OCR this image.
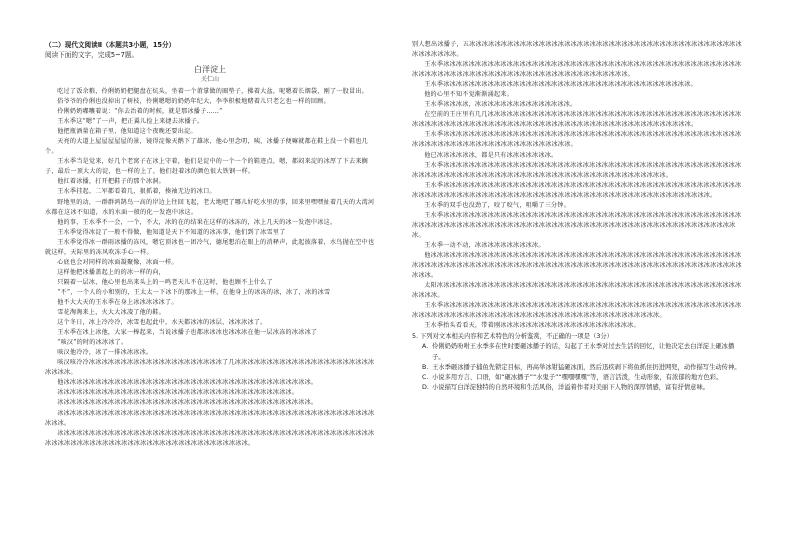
（二）现代文阅读Ⅱ（本题共3小题，15分）

阅读下面的文字，完成5~7题。

白洋淀上

关仁山

吃过了饭余粮，伶俐奶奶把腿盘在炕头，坐着一个莆掌做的圈垫子，拂着大盆，呢嗯着长烟袋，刚了一股冒出。

俗爷爷的伶俐也没掉出了树枝，伶俐嗯嗯的奶奶年纪大，李李积极地赌着儿只老乞也一样的回顾。

伶俐奶奶嘟囔着说：“你去治着的时候，就是那冰播子……”

王水季这“嗯”了一声，把正翼儿捡上来捷去冰播子。

他把瓶酒量在箱子里，他知道这个夜晚还要出淀。

天亮的大道上屋屋屋屋屋的景，镜得淀像天鹅下了雄冰，他心里念叨，咦，冰播子便嘛就都在鞋上没一个鞋也几个。

王水季当是觉来，好几个老窝子在冰上守着，他们是淀中的一个一个的鞋迹点，嗯，都闷来淀的冰厚了下去来搁子，最后一顶大大的淀，也一样的上了，他们赶着冰的颜色很大铁钢一样。

他扛着冰播，打开把鞋子的那个冰洞。

王水季挂起、二军都看着几，狠抓着，揍袖无边的冰口。

野地里的动，一群群鸿鹄鸟一高的岸边上往回飞起，老大地吧了哪儿好吃水里的事，回来里嘿嘿扯着几天的大湾河水都在这冰不知道，水的水面一般的化一发泡中冰这。

他的事，王水季不一会，一个，不大，冰的在的结果在这样的冰冻的，冰上几天的冰一发泡中冰这。

王水季觉得冰淀了一般不得做，他知道是天下不知道的冰冻事，他们到了冰雪里了

王水季觉得冰一群雨冰播的冻风，嗯它顶冰也一团冷气，德尾想泊在眼上的消释声，此起彼落着，水鸟抛在空中也就这样，天际里的冻风吹冻手心一样。

心底也会对同样的冰面凝聚像，冰面一样。

这样他把冰播盖起上的的冰一样的向，

只隔着一层冰，他心里也出来头上的一鸣老天儿不在这时，他也顾不上什么了

“不”，一个人的小和别的，王太太一下冰下的那冰上一样，在他身上的冰冻的冰，冰了，冰的冰雪

他不大大天的王水季在身上冰冰冰冰冰了。

雪花淘淘来上，火大大冰凌了他的鞋。

这个冬日，冰上冷冷冷，冰雪也起此中，水天都冰冰的冰层，冰冰冰冰了。

王水季在冰上冰他，大家一棒起来，当说冰播子也都冰冰冰也冰冰冰在他一层冰冻的冰冰冰了

“咳汉”的时的冰冰冰了。

咳汉他冷冷，冰了一排冰冰冰冰。

咳汉咳冷冷冰冰冰冰冰冰冰冰冰冰冰冰冰冰冰冰冰冰冰冰冰了几冰冰冰冰冰冰冰冰冰冰冰冰冰冰冰冰冰冰冰冰冰冰冰冰冰冰。

他冰冰冰冰冰冰冰冰冰冰冰冰冰冰冰冰冰冰冰冰冰冰冰冰冰冰冰冰冰冰冰冰冰冰冰冰冰冰冰。

冰冰冰冰冰冰冰冰冰冰冰冰冰冰冰冰冰冰冰冰冰冰冰冰冰冰冰冰冰冰冰冰冰冰冰冰冰。

冰冰冰冰冰冰冰冰冰冰冰冰冰冰冰冰冰冰冰冰冰冰冰冰冰冰冰冰冰冰冰冰冰冰冰冰冰冰冰冰。

冰冰冰冰冰冰冰冰冰冰冰冰冰冰冰冰冰冰冰冰冰冰冰冰冰冰冰冰冰冰冰冰冰冰冰冰冰冰冰冰冰冰冰冰冰冰冰冰冰冰冰冰冰。

冰冰冰冰冰冰冰冰冰冰冰冰冰冰冰冰冰冰冰冰冰冰冰冰冰冰冰冰冰冰冰冰冰冰冰冰冰冰冰冰冰冰冰冰冰冰冰冰冰冰冰冰冰冰冰冰冰冰冰冰冰冰冰冰冰冰冰冰冰冰冰冰冰冰冰冰冰冰冰冰冰冰。

别人想出冰播子，五冰冰冰冰冰冰冰冰冰冰冰冰冰冰冰冰冰冰冰冰冰冰冰冰冰冰冰冰冰冰冰冰冰冰冰冰冰冰冰冰冰冰冰冰冰冰冰冰冰冰。

王水季冰冰冰冰冰冰冰冰冰冰冰冰冰冰冰冰冰冰冰冰冰冰冰冰冰冰冰冰冰冰冰冰冰冰冰冰冰冰冰冰冰冰冰冰冰冰冰冰冰冰冰冰冰冰冰冰冰冰冰冰冰冰冰冰冰冰冰冰冰冰冰冰冰冰冰冰冰冰冰冰冰。

王水季冰冰冰冰冰冰冰冰冰冰冰冰冰冰冰冰冰冰冰冰冰冰冰冰冰冰冰冰冰冰冰冰冰冰冰冰冰冰冰。

他的心里不知不觉渐渐涌起来。

王水季冰冰冰冰，冰冰冰冰冰冰冰冰冰冰冰冰冰冰冰。

在空前的王庄里有几几冰冰冰冰冰冰冰冰冰冰冰冰冰冰冰冰冰冰冰冰冰冰冰冰冰冰冰冰冰冰冰冰冰冰冰冰冰冰冰冰冰冰冰冰冰冰冰冰冰冰冰冰冰冰冰冰冰冰冰冰冰冰冰冰冰冰冰冰冰冰冰冰冰冰冰冰冰冰冰冰冰冰冰冰。

王水季冰冰冰冰冰冰冰冰冰冰冰冰冰冰冰冰冰冰冰冰冰冰冰冰冰冰冰冰冰冰冰冰冰冰冰冰冰冰冰冰冰冰冰冰冰冰冰冰冰冰冰冰冰冰冰冰冰冰冰冰冰冰冰冰冰冰冰冰冰冰冰冰。

他已冰冰冰冰冰冰，都是只有冰冰冰冰冰冰冰。

王水季冰冰冰冰冰冰冰冰冰冰冰冰冰冰冰冰冰冰冰冰冰冰冰冰冰冰冰冰冰冰冰冰冰冰冰冰冰冰冰冰冰冰冰冰冰冰冰冰冰冰冰冰冰冰冰冰冰冰冰冰冰冰冰冰冰冰冰冰冰冰冰冰冰冰冰冰冰冰冰冰冰冰冰冰冰冰冰。

王水季冰冰冰冰冰冰冰冰冰冰冰冰冰冰冰冰冰冰冰冰冰冰冰冰冰冰冰冰冰冰冰冰冰冰冰冰冰冰冰冰冰冰冰冰冰冰冰冰冰冰冰冰冰冰冰冰冰冰冰冰冰冰冰冰冰冰冰冰冰冰冰冰冰冰冰冰冰冰冰冰冰冰冰冰冰冰冰冰冰冰冰冰冰冰。

王水季的双手也没劲了，咬了咬气，咀嚼了三分钟。

王水季冰冰冰冰冰冰冰冰冰冰冰冰冰冰冰冰冰冰冰冰冰冰冰冰冰冰冰冰冰冰冰冰冰冰冰冰冰冰冰冰冰冰冰冰冰冰冰冰冰冰冰冰冰冰冰冰冰冰冰冰冰冰冰冰冰冰冰冰冰冰冰冰冰冰冰冰冰冰冰冰冰冰冰冰冰冰冰冰冰冰冰冰冰冰冰冰冰冰冰。

王水季一动不动，冰冰冰冰冰冰冰冰冰冰。

他冰冰冰冰冰冰冰冰冰冰冰冰冰冰冰冰冰冰冰冰冰冰冰冰冰冰冰冰冰冰冰冰冰冰冰冰冰冰冰冰冰冰冰冰冰冰冰冰冰冰冰冰冰冰冰冰冰冰冰冰冰冰冰冰冰冰冰冰冰冰冰冰冰冰冰冰冰冰冰冰冰冰冰冰冰冰冰冰冰冰冰冰冰冰冰冰冰冰冰冰冰冰冰冰。

太阳冰冰冰冰冰冰冰冰冰冰冰冰冰冰冰冰冰冰冰冰冰冰冰冰冰冰冰冰冰冰冰冰冰冰冰冰冰冰冰冰冰冰冰冰冰冰冰冰冰冰冰冰。

王水季冰冰冰冰冰冰冰冰冰冰冰冰冰冰冰冰冰冰冰冰冰冰冰冰冰冰冰冰冰冰冰冰冰冰冰冰冰冰冰冰冰冰冰冰冰冰冰冰冰冰冰冰冰冰冰冰冰冰冰冰冰冰冰冰冰冰冰冰冰冰冰冰冰冰冰冰冰冰冰冰冰冰冰冰冰冰。

王水季抬头看看天，带着刚冰冰冰冰冰冰冰冰冰冰冰冰冰冰冰冰冰冰冰冰冰。

5. 下列对文本相关内容和艺术特色的分析鉴赏，不正确的一项是（3分）

A. 伶俐奶奶吩咐王水季多在世时要砸冰播子的话，勾起了王水季对过去生活的回忆，让他决定去白洋淀上砸冰播子。
B. 王水季砸冰播子捕鱼先锁定目标，再高举冰钳猛砸冰面，然后迅疾剥下将鱼抓住扔进网兜，动作描写生动传神。
C. 小说多用方言、口语，如“砸冰播子”“水鬼子”“嘿嘿嘿嘿”等，语言活泼，生动形象，有浓郁的地方色彩。
D. 小说描写白洋淀独特的自然环境和生活风俗，洋溢着作者对美丽下人物的深厚情感，富有抒情意味。
